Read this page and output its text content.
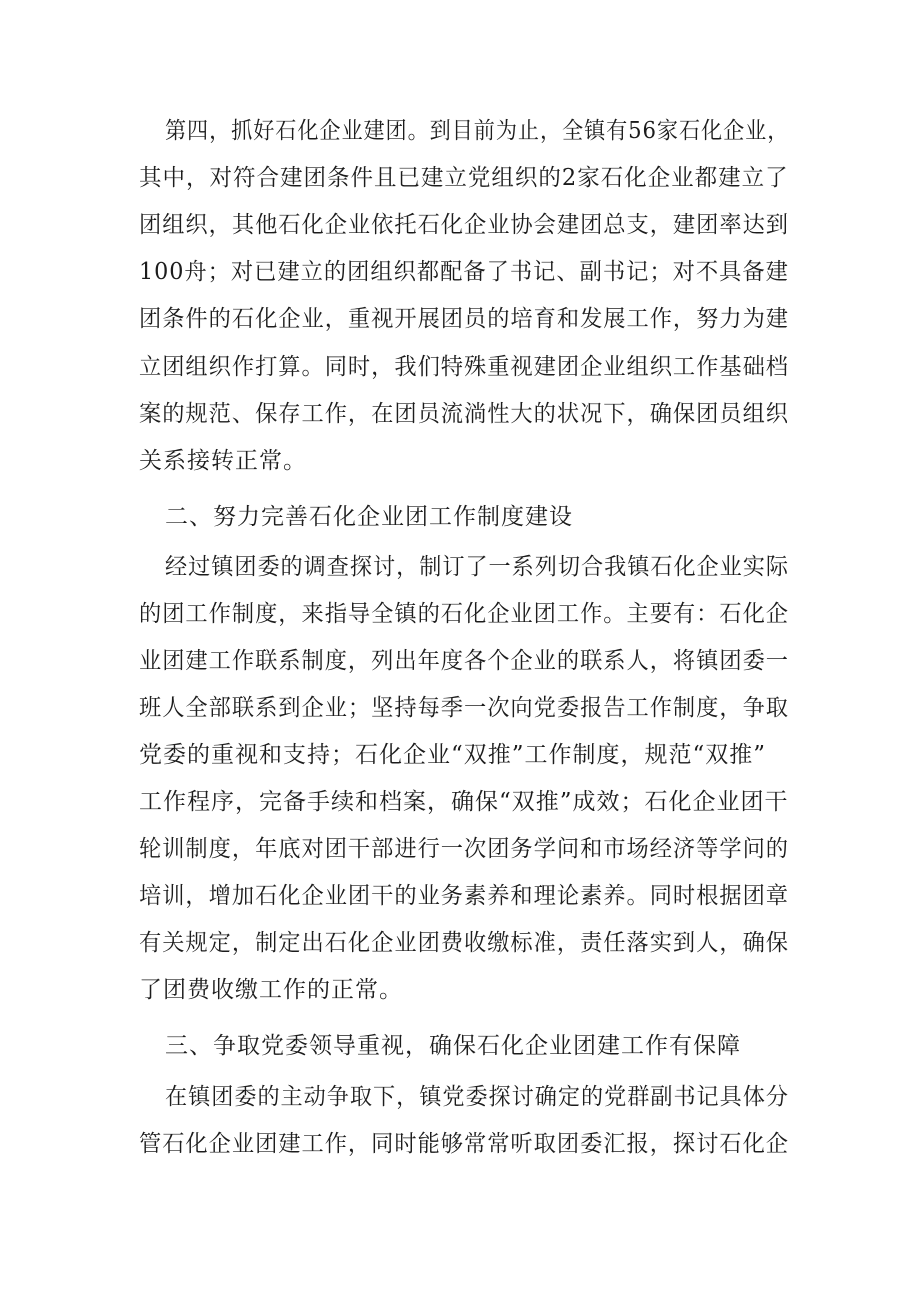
第四，抓好石化企业建团。到目前为止，全镇有56家石化企业，
其中，对符合建团条件且已建立党组织的2家石化企业都建立了
团组织，其他石化企业依托石化企业协会建团总支，建团率达到
100舟；对已建立的团组织都配备了书记、副书记；对不具备建
团条件的石化企业，重视开展团员的培育和发展工作，努力为建
立团组织作打算。同时，我们特殊重视建团企业组织工作基础档
案的规范、保存工作，在团员流淌性大的状况下，确保团员组织
关系接转正常。
二、努力完善石化企业团工作制度建设
经过镇团委的调查探讨，制订了一系列切合我镇石化企业实际
的团工作制度，来指导全镇的石化企业团工作。主要有：石化企
业团建工作联系制度，列出年度各个企业的联系人，将镇团委一
班人全部联系到企业；坚持每季一次向党委报告工作制度，争取
党委的重视和支持；石化企业“双推”工作制度，规范“双推”
工作程序，完备手续和档案，确保“双推”成效；石化企业团干
轮训制度，年底对团干部进行一次团务学问和市场经济等学问的
培训，增加石化企业团干的业务素养和理论素养。同时根据团章
有关规定，制定出石化企业团费收缴标准，责任落实到人，确保
了团费收缴工作的正常。
三、争取党委领导重视，确保石化企业团建工作有保障
在镇团委的主动争取下，镇党委探讨确定的党群副书记具体分
管石化企业团建工作，同时能够常常听取团委汇报，探讨石化企
